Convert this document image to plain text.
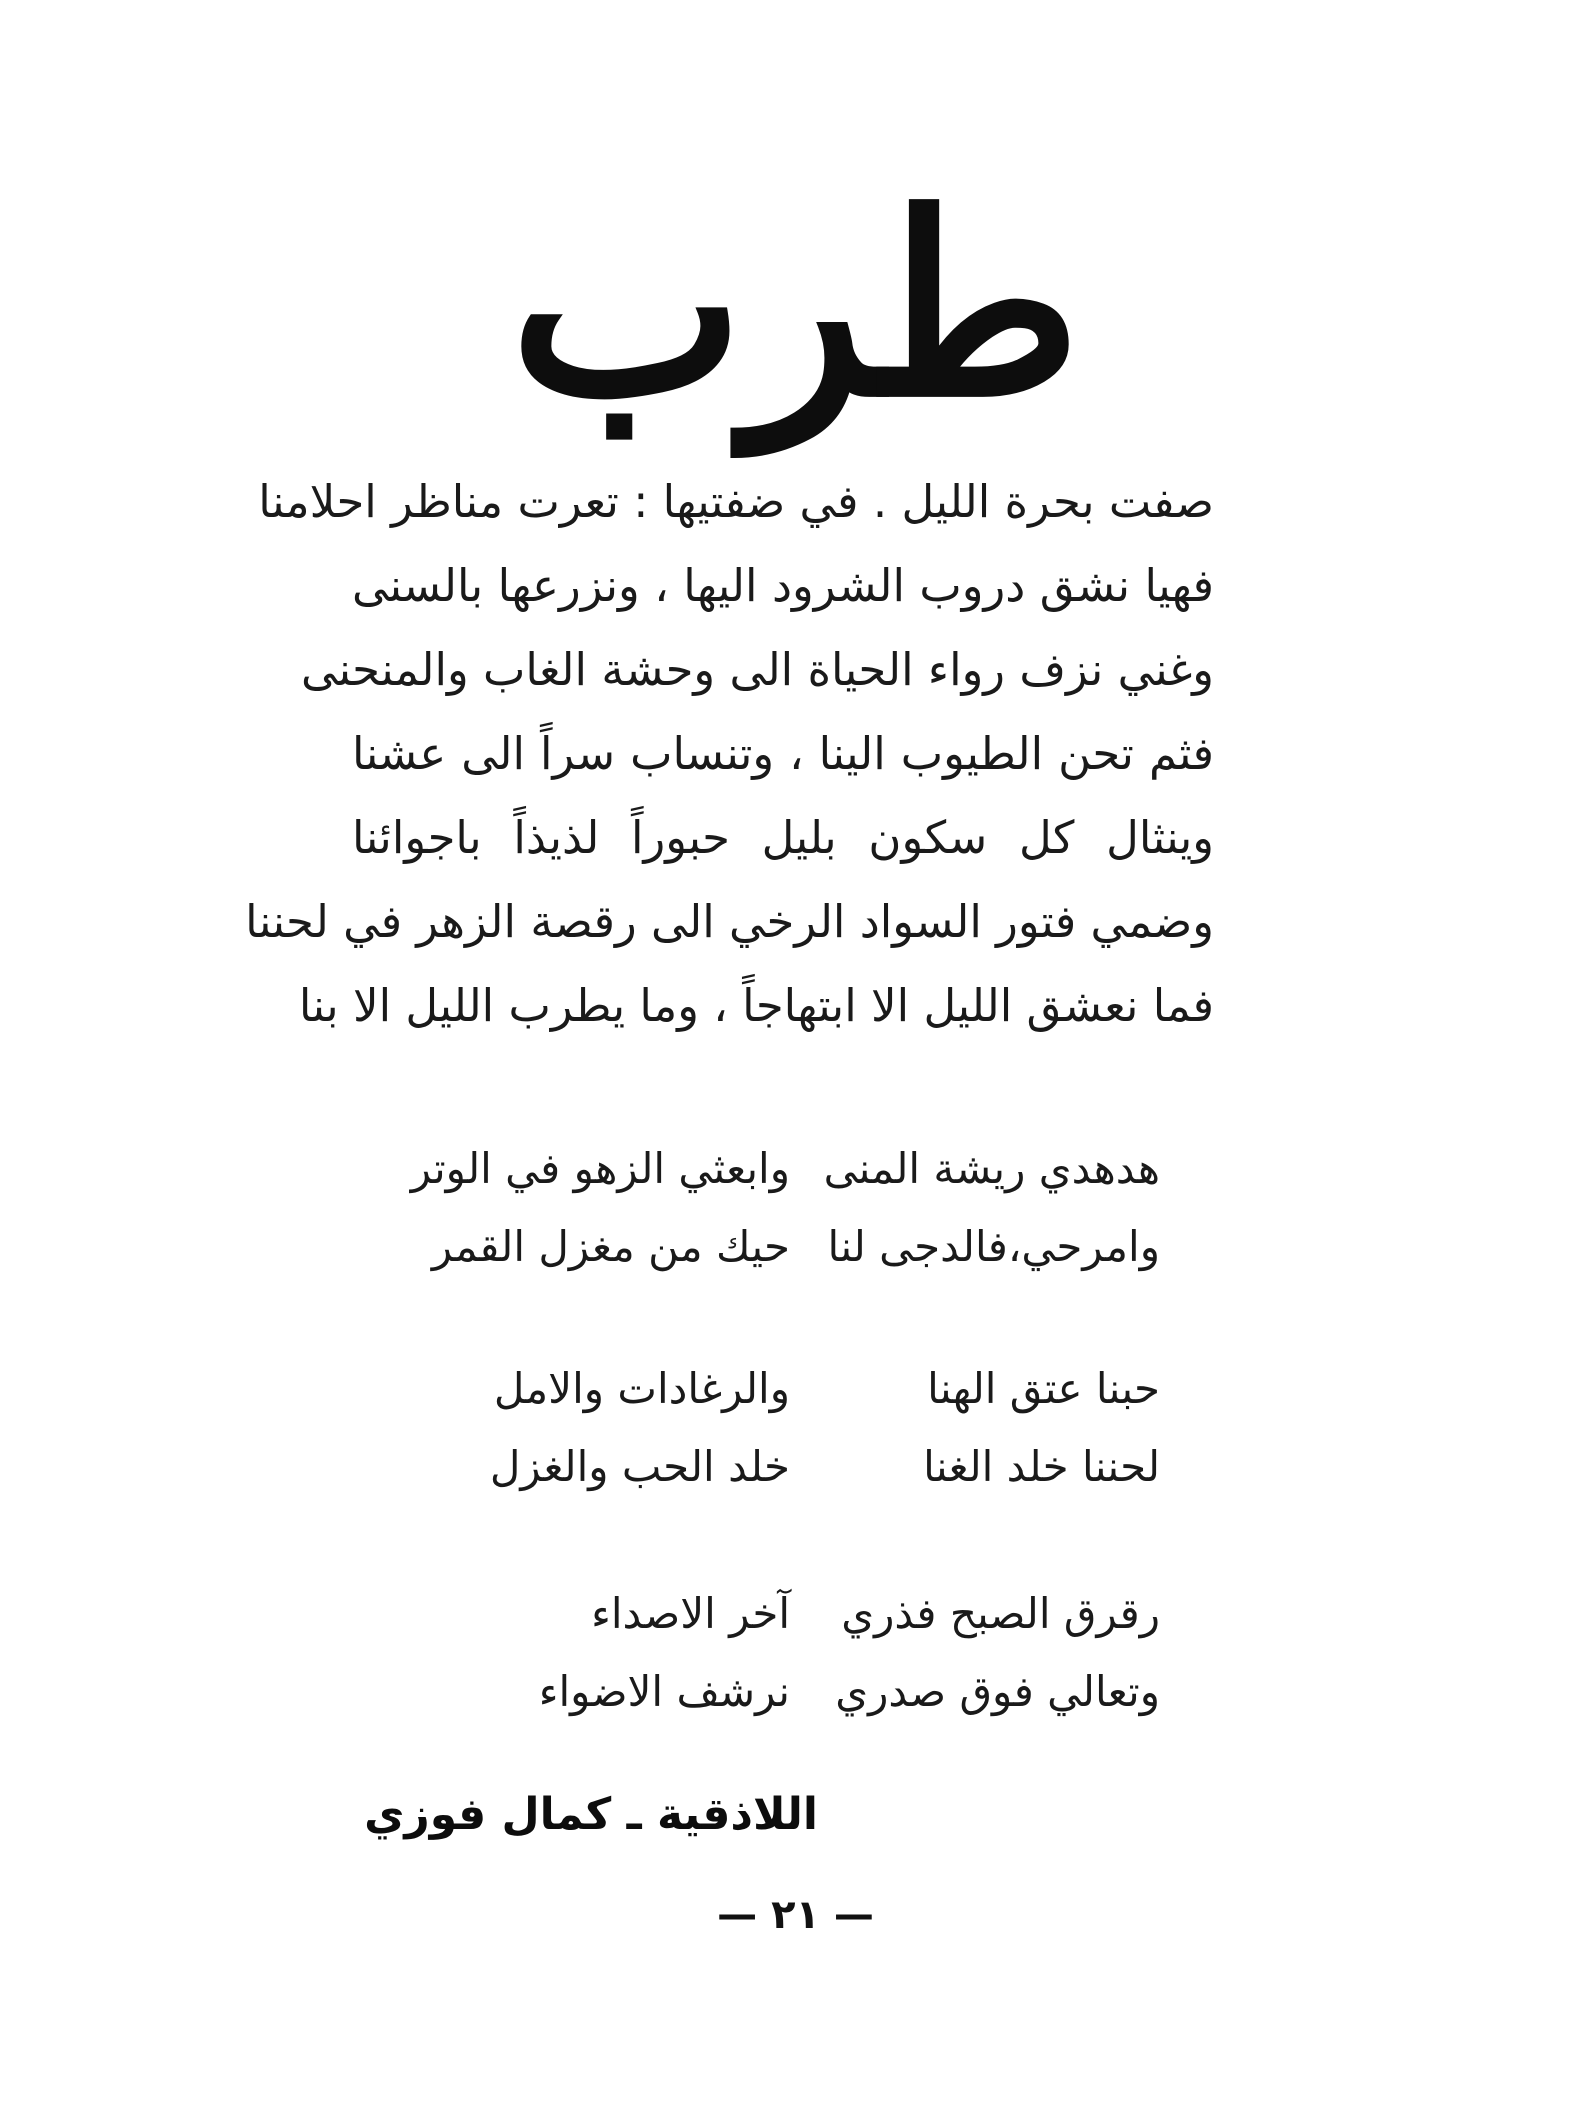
طرب
صفت بحرة الليل . في ضفتيها : تعرت مناظر احلامنا
فهيا نشق دروب الشرود اليها ، ونزرعها بالسنى
وغني نزف رواء الحياة الى وحشة الغاب والمنحنى
فثم تحن الطيوب الينا ، وتنساب سراً الى عشنا
وينثال كل سكون بليل حبوراً لذيذاً باجوائنا
وضمي فتور السواد الرخي الى رقصة الزهر في لحننا
فما نعشق الليل الا ابتهاجاً ، وما يطرب الليل الا بنا
هدهدي ريشة المنى
وابعثي الزهو في الوتر
وامرحي،فالدجى لنا
حيك من مغزل القمر
حبنا عتق الهنا
والرغادات والامل
لحننا خلد الغنا
خلد الحب والغزل
رقرق الصبح فذري
آخر الاصداء
وتعالي فوق صدري
نرشف الاضواء
اللاذقية ـ كمال فوزي
— ٢١ —
